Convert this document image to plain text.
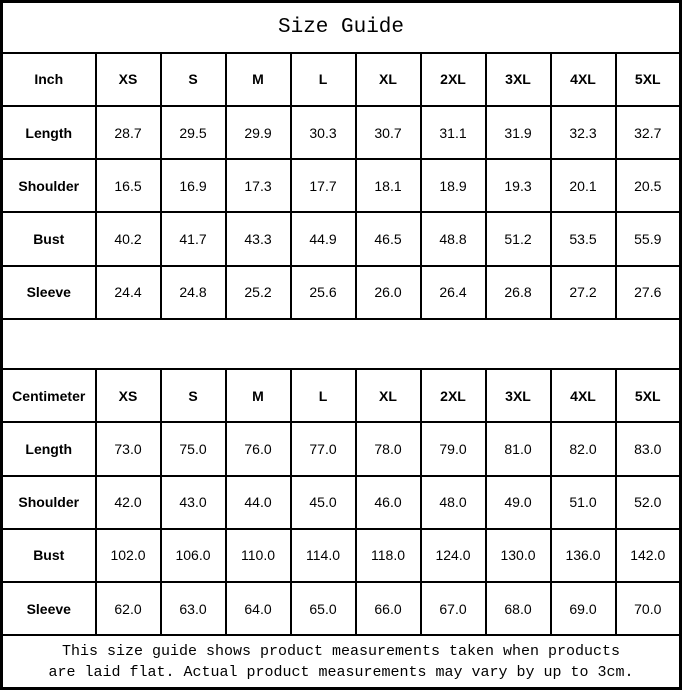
Size Guide									
Inch	XS	S	M	L	XL	2XL	3XL	4XL	5XL
Length	28.7	29.5	29.9	30.3	30.7	31.1	31.9	32.3	32.7
Shoulder	16.5	16.9	17.3	17.7	18.1	18.9	19.3	20.1	20.5
Bust	40.2	41.7	43.3	44.9	46.5	48.8	51.2	53.5	55.9
Sleeve	24.4	24.8	25.2	25.6	26.0	26.4	26.8	27.2	27.6

Centimeter	XS	S	M	L	XL	2XL	3XL	4XL	5XL
Length	73.0	75.0	76.0	77.0	78.0	79.0	81.0	82.0	83.0
Shoulder	42.0	43.0	44.0	45.0	46.0	48.0	49.0	51.0	52.0
Bust	102.0	106.0	110.0	114.0	118.0	124.0	130.0	136.0	142.0
Sleeve	62.0	63.0	64.0	65.0	66.0	67.0	68.0	69.0	70.0

This size guide shows product measurements taken when products
are laid flat. Actual product measurements may vary by up to 3cm.									
